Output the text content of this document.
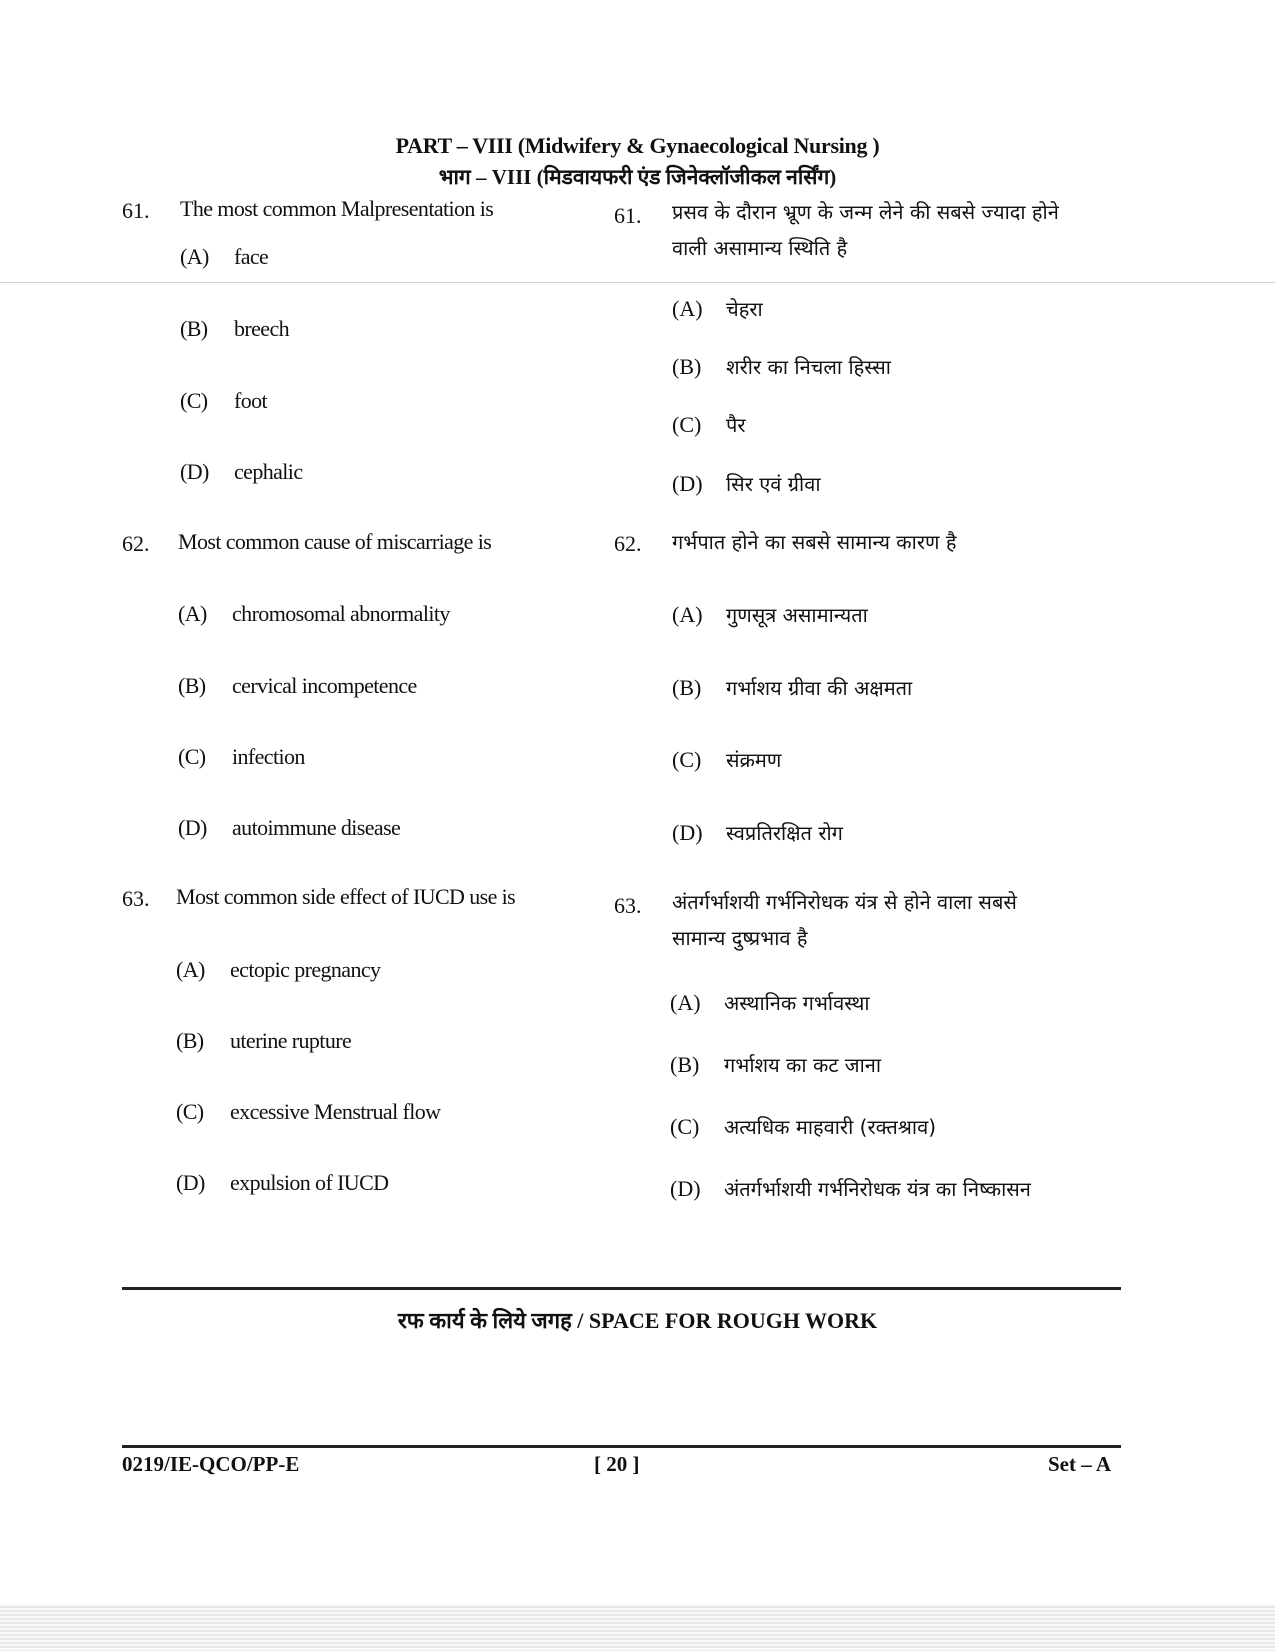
PART – VIII (Midwifery & Gynaecological Nursing )
भाग – VIII (मिडवायफरी एंड जिनेक्लॉजीकल नर्सिंग)
61. The most common Malpresentation is
(A) face
(B) breech
(C) foot
(D) cephalic
62. Most common cause of miscarriage is
(A) chromosomal abnormality
(B) cervical incompetence
(C) infection
(D) autoimmune disease
63. Most common side effect of IUCD use is
(A) ectopic pregnancy
(B) uterine rupture
(C) excessive Menstrual flow
(D) expulsion of IUCD
61. प्रसव के दौरान भ्रूण के जन्म लेने की सबसे ज्यादा होने
वाली असामान्य स्थिति है
(A) चेहरा
(B) शरीर का निचला हिस्सा
(C) पैर
(D) सिर एवं ग्रीवा
62. गर्भपात होने का सबसे सामान्य कारण है
(A) गुणसूत्र असामान्यता
(B) गर्भाशय ग्रीवा की अक्षमता
(C) संक्रमण
(D) स्वप्रतिरक्षित रोग
63. अंतर्गर्भाशयी गर्भनिरोधक यंत्र से होने वाला सबसे
सामान्य दुष्प्रभाव है
(A) अस्थानिक गर्भावस्था
(B) गर्भाशय का कट जाना
(C) अत्यधिक माहवारी (रक्तश्राव)
(D) अंतर्गर्भाशयी गर्भनिरोधक यंत्र का निष्कासन
रफ कार्य के लिये जगह / SPACE FOR ROUGH WORK
0219/IE-QCO/PP-E	[ 20 ]	Set – A
